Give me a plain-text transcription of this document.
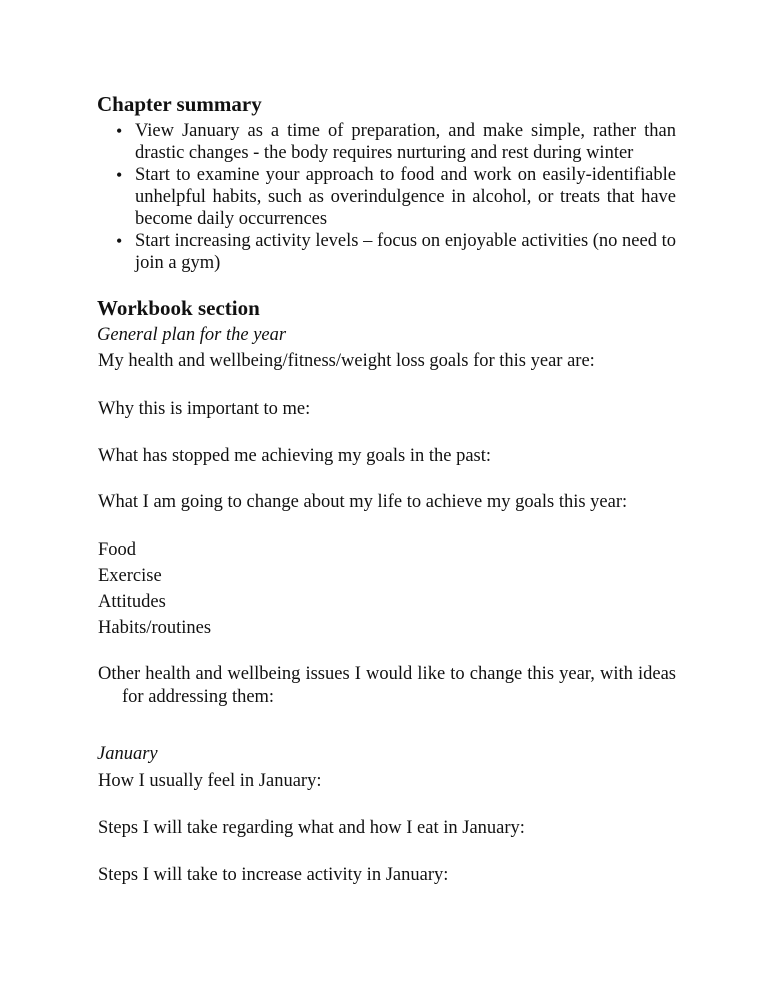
Chapter summary
• View January as a time of preparation, and make simple, rather than drastic changes - the body requires nurturing and rest during winter
• Start to examine your approach to food and work on easily-identifiable unhelpful habits, such as overindulgence in alcohol, or treats that have become daily occurrences
• Start increasing activity levels – focus on enjoyable activities (no need to join a gym)
Workbook section

General plan for the year

My health and wellbeing/fitness/weight loss goals for this year are:

Why this is important to me:

What has stopped me achieving my goals in the past:

What I am going to change about my life to achieve my goals this year:

Food

Exercise

Attitudes

Habits/routines

Other health and wellbeing issues I would like to change this year, with ideas for addressing them:

January

How I usually feel in January:

Steps I will take regarding what and how I eat in January:

Steps I will take to increase activity in January:
